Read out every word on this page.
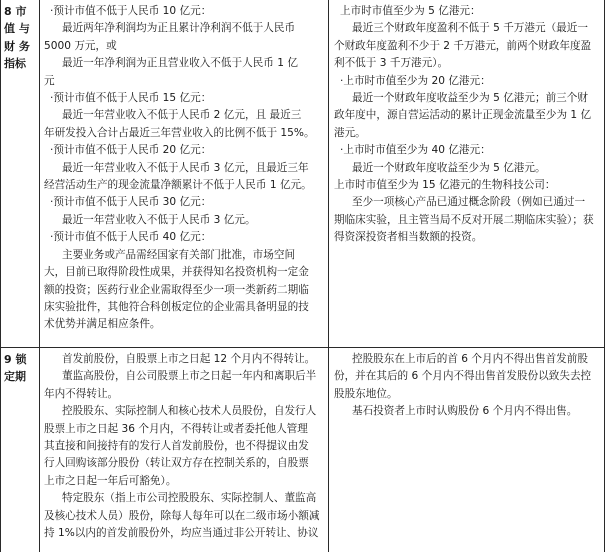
8 市
值 与
财 务
指标
·预计市值不低于人民币 10 亿元：
最近两年净利润均为正且累计净利润不低于人民币
5000 万元，或
最近一年净利润为正且营业收入不低于人民币 1 亿
元
·预计市值不低于人民币 15 亿元：
最近一年营业收入不低于人民币 2 亿元，且 最近三
年研发投入合计占最近三年营业收入的比例不低于 15%。
·预计市值不低于人民币 20 亿元：
最近一年营业收入不低于人民币 3 亿元，且最近三年
经营活动生产的现金流量净额累计不低于人民币 1 亿元。
·预计市值不低于人民币 30 亿元：
最近一年营业收入不低于人民币 3 亿元。
·预计市值不低于人民币 40 亿元：
主要业务或产品需经国家有关部门批准，市场空间
大，目前已取得阶段性成果，并获得知名投资机构一定金
额的投资；医药行业企业需取得至少一项一类新药二期临
床实验批件，其他符合科创板定位的企业需具备明显的技
术优势并满足相应条件。
上市时市值至少为 5 亿港元：
最近三个财政年度盈利不低于 5 千万港元（最近一
个财政年度盈利不少于 2 千万港元，前两个财政年度盈
利不低于 3 千万港元）。
·上市时市值至少为 20 亿港元：
最近一个财政年度收益至少为 5 亿港元；前三个财
政年度中，源自营运活动的累计正现金流量至少为 1 亿
港元。
·上市时市值至少为 40 亿港元：
最近一个财政年度收益至少为 5 亿港元。
上市时市值至少为 15 亿港元的生物科技公司：
至少一项核心产品已通过概念阶段（例如已通过一
期临床实验，且主管当局不反对开展二期临床实验）；获
得资深投资者相当数额的投资。
9 锁
定期
首发前股份，自股票上市之日起 12 个月内不得转让。
董监高股份，自公司股票上市之日起一年内和离职后半
年内不得转让。
控股股东、实际控制人和核心技术人员股份，自发行人
股票上市之日起 36 个月内，不得转让或者委托他人管理
其直接和间接持有的发行人首发前股份，也不得提议由发
行人回购该部分股份（转让双方存在控制关系的，自股票
上市之日起一年后可豁免）。
特定股东（指上市公司控股股东、实际控制人、董监高
及核心技术人员）股份，除每人每年可以在二级市场小额减
持 1%以内的首发前股份外，均应当通过非公开转让、协议
控股股东在上市后的首 6 个月内不得出售首发前股
份，并在其后的 6 个月内不得出售首发股份以致失去控
股股东地位。
基石投资者上市时认购股份 6 个月内不得出售。
